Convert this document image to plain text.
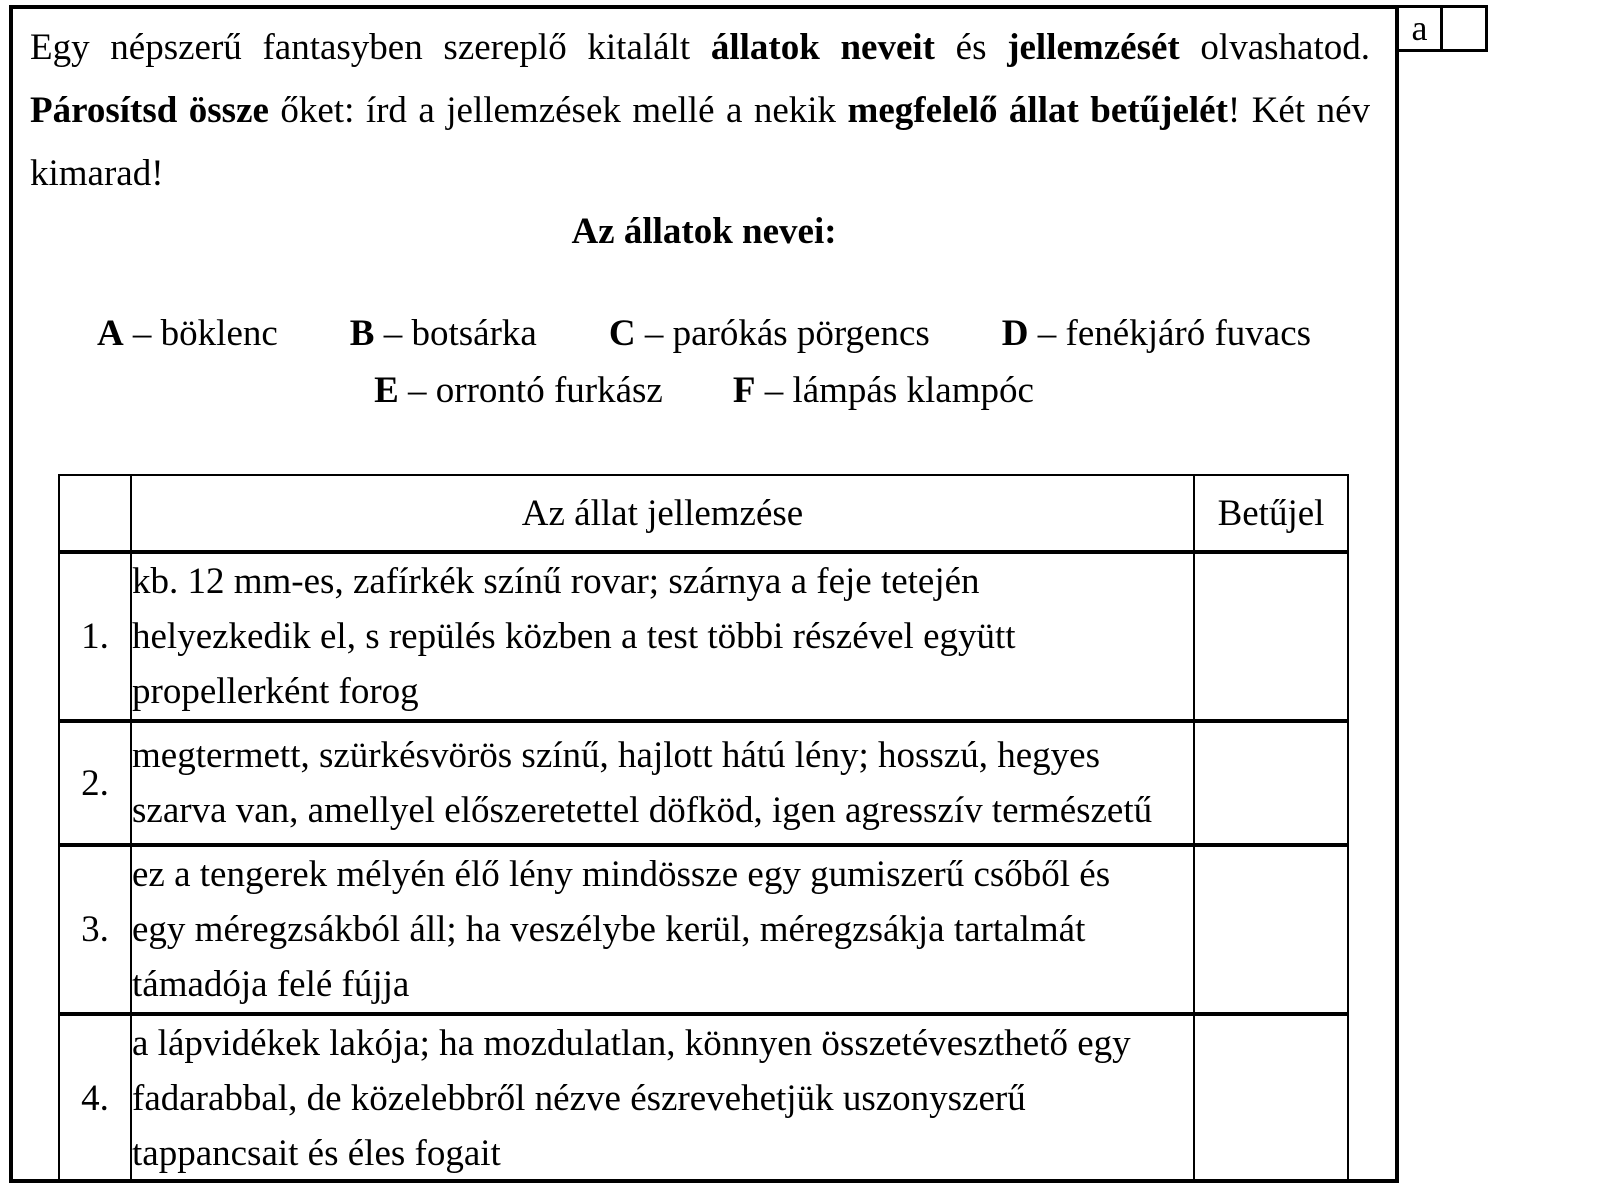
Egy népszerű fantasyben szereplő kitalált állatok neveit és jellemzését olvashatod.
Párosítsd össze őket: írd a jellemzések mellé a nekik megfelelő állat betűjelét! Két név
kimarad!
Az állatok nevei:
A – böklenc B – botsárka C – parókás pörgencs D – fenékjáró fuvacs
E – orrontó furkász F – lámpás klampóc
	Az állat jellemzése	Betűjel
1.	kb. 12 mm-es, zafírkék színű rovar; szárnya a feje tetején
helyezkedik el, s repülés közben a test többi részével együtt
propellerként forog	

2.	megtermett, szürkésvörös színű, hajlott hátú lény; hosszú, hegyes
szarva van, amellyel előszeretettel döfköd, igen agresszív természetű	

3.	ez a tengerek mélyén élő lény mindössze egy gumiszerű csőből és
egy méregzsákból áll; ha veszélybe kerül, méregzsákja tartalmát
támadója felé fújja	

4.	a lápvidékek lakója; ha mozdulatlan, könnyen összetéveszthető egy
fadarabbal, de közelebbről nézve észrevehetjük uszonyszerű
tappancsait és éles fogait	

a
